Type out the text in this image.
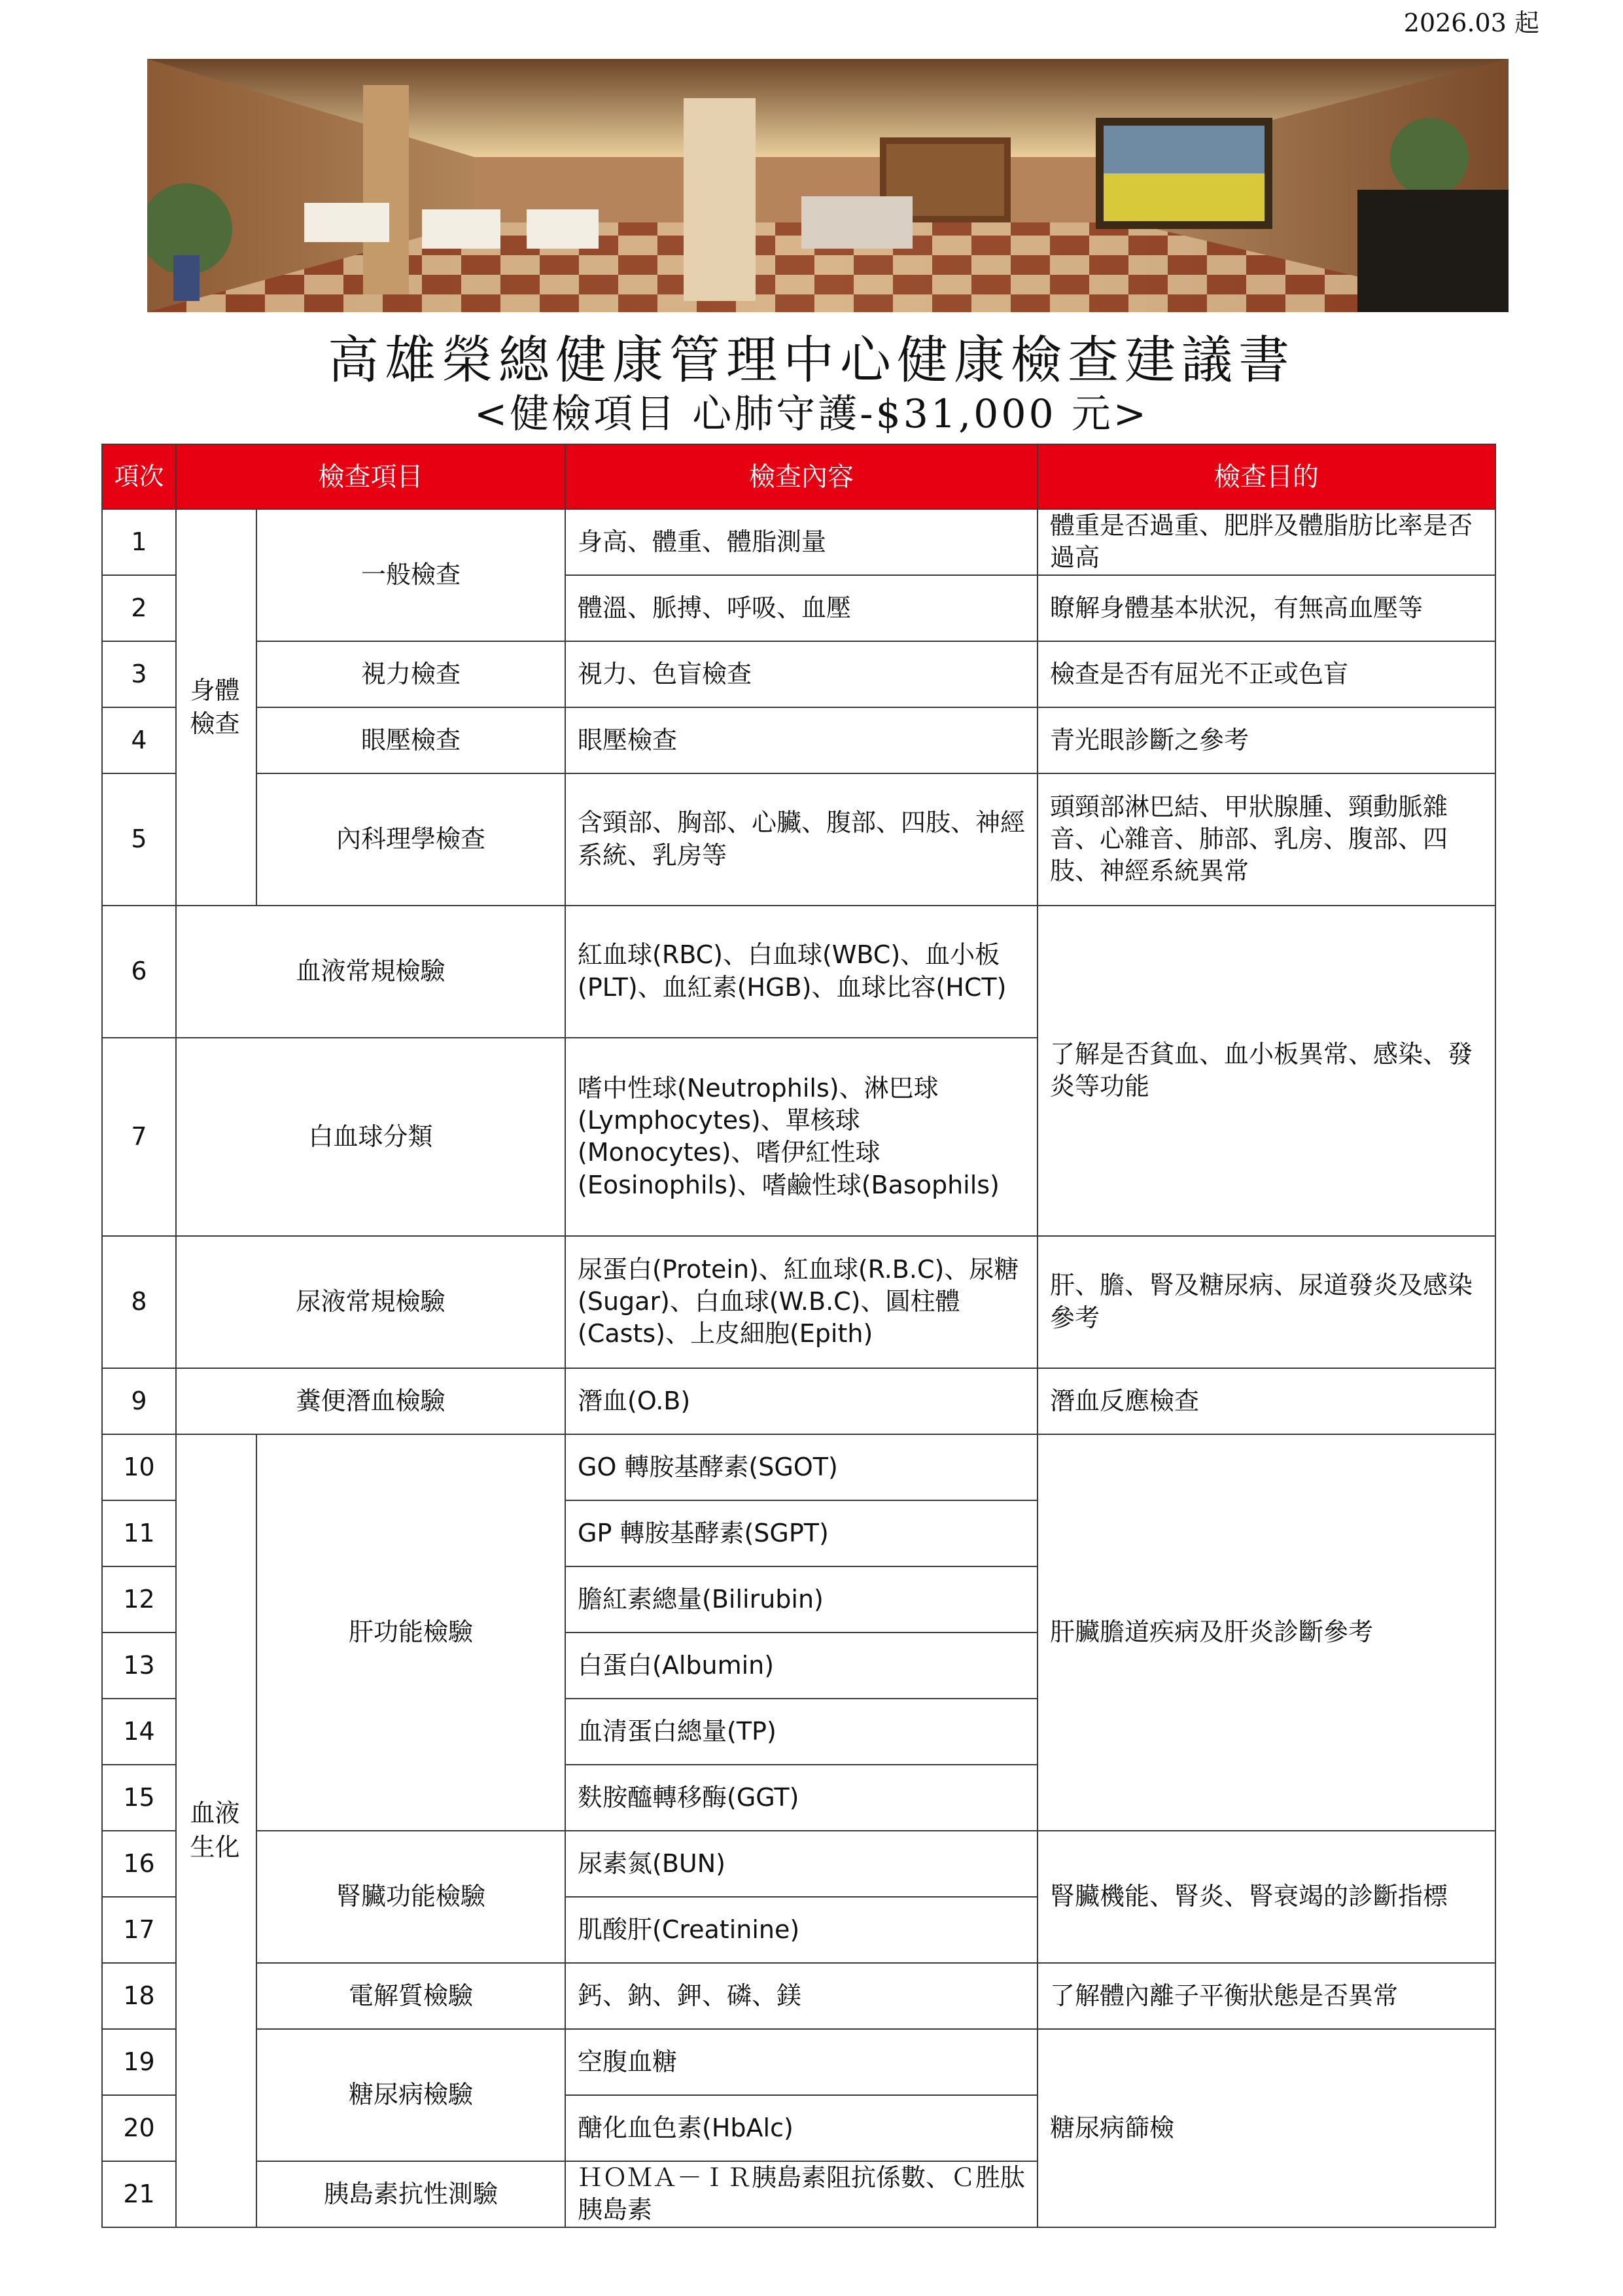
2026.03 起
高雄榮總健康管理中心健康檢查建議書
<健檢項目 心肺守護-$31,000 元>
項次	檢查項目		檢查內容	檢查目的
1	身體檢查	一般檢查	身高、體重、體脂測量	體重是否過重、肥胖及體脂肪比率是否過高
2			體溫、脈搏、呼吸、血壓	瞭解身體基本狀況，有無高血壓等
3		視力檢查	視力、色盲檢查	檢查是否有屈光不正或色盲
4		眼壓檢查	眼壓檢查	青光眼診斷之參考
5		內科理學檢查	含頸部、胸部、心臟、腹部、四肢、神經系統、乳房等	頭頸部淋巴結、甲狀腺腫、頸動脈雜音、心雜音、肺部、乳房、腹部、四肢、神經系統異常
6	血液常規檢驗		紅血球(RBC)、白血球(WBC)、血小板(PLT)、血紅素(HGB)、血球比容(HCT)	了解是否貧血、血小板異常、感染、發炎等功能
7	白血球分類		嗜中性球(Neutrophils)、淋巴球(Lymphocytes)、單核球(Monocytes)、嗜伊紅性球(Eosinophils)、嗜鹼性球(Basophils)	
8	尿液常規檢驗		尿蛋白(Protein)、紅血球(R.B.C)、尿糖(Sugar)、白血球(W.B.C)、圓柱體(Casts)、上皮細胞(Epith)	肝、膽、腎及糖尿病、尿道發炎及感染參考
9	糞便潛血檢驗		潛血(O.B)	潛血反應檢查
10	血液生化	肝功能檢驗	GO 轉胺基酵素(SGOT)	肝臟膽道疾病及肝炎診斷參考
11			GP 轉胺基酵素(SGPT)	
12			膽紅素總量(Bilirubin)	
13			白蛋白(Albumin)	
14			血清蛋白總量(TP)	
15			麩胺醯轉移酶(GGT)	
16		腎臟功能檢驗	尿素氮(BUN)	腎臟機能、腎炎、腎衰竭的診斷指標
17			肌酸肝(Creatinine)	
18		電解質檢驗	鈣、鈉、鉀、磷、鎂	了解體內離子平衡狀態是否異常
19		糖尿病檢驗	空腹血糖	糖尿病篩檢
20			醣化血色素(HbAlc)	
21		胰島素抗性測驗	ＨＯＭＡ－ＩＲ胰島素阻抗係數、Ｃ胜肽胰島素	
